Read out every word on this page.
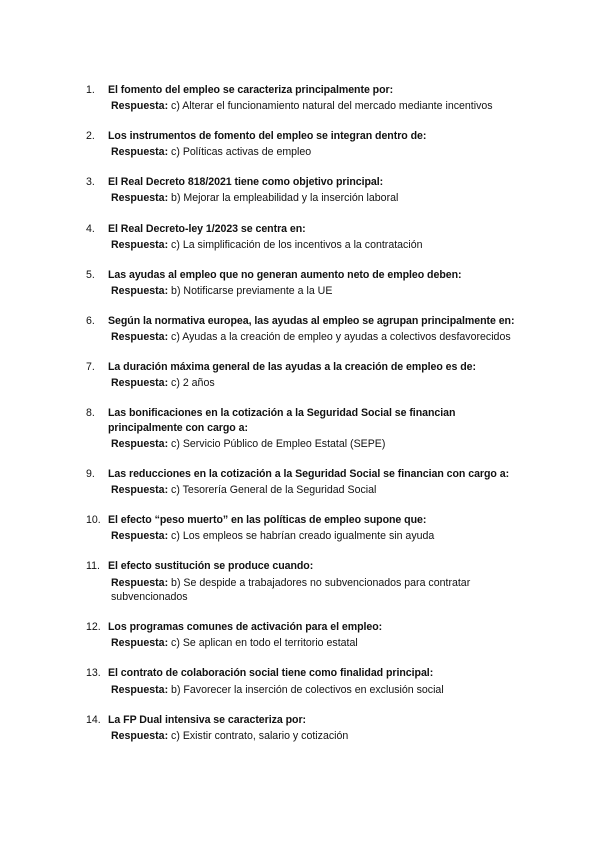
1.	El fomento del empleo se caracteriza principalmente por:
Respuesta: c) Alterar el funcionamiento natural del mercado mediante incentivos
2.	Los instrumentos de fomento del empleo se integran dentro de:
Respuesta: c) Políticas activas de empleo
3.	El Real Decreto 818/2021 tiene como objetivo principal:
Respuesta: b) Mejorar la empleabilidad y la inserción laboral
4.	El Real Decreto-ley 1/2023 se centra en:
Respuesta: c) La simplificación de los incentivos a la contratación
5.	Las ayudas al empleo que no generan aumento neto de empleo deben:
Respuesta: b) Notificarse previamente a la UE
6.	Según la normativa europea, las ayudas al empleo se agrupan principalmente en:
Respuesta: c) Ayudas a la creación de empleo y ayudas a colectivos desfavorecidos
7.	La duración máxima general de las ayudas a la creación de empleo es de:
Respuesta: c) 2 años
8.	Las bonificaciones en la cotización a la Seguridad Social se financian principalmente con cargo a:
Respuesta: c) Servicio Público de Empleo Estatal (SEPE)
9.	Las reducciones en la cotización a la Seguridad Social se financian con cargo a:
Respuesta: c) Tesorería General de la Seguridad Social
10. El efecto “peso muerto” en las políticas de empleo supone que:
Respuesta: c) Los empleos se habrían creado igualmente sin ayuda
11. El efecto sustitución se produce cuando:
Respuesta: b) Se despide a trabajadores no subvencionados para contratar subvencionados
12. Los programas comunes de activación para el empleo:
Respuesta: c) Se aplican en todo el territorio estatal
13. El contrato de colaboración social tiene como finalidad principal:
Respuesta: b) Favorecer la inserción de colectivos en exclusión social
14. La FP Dual intensiva se caracteriza por:
Respuesta: c) Existir contrato, salario y cotización
